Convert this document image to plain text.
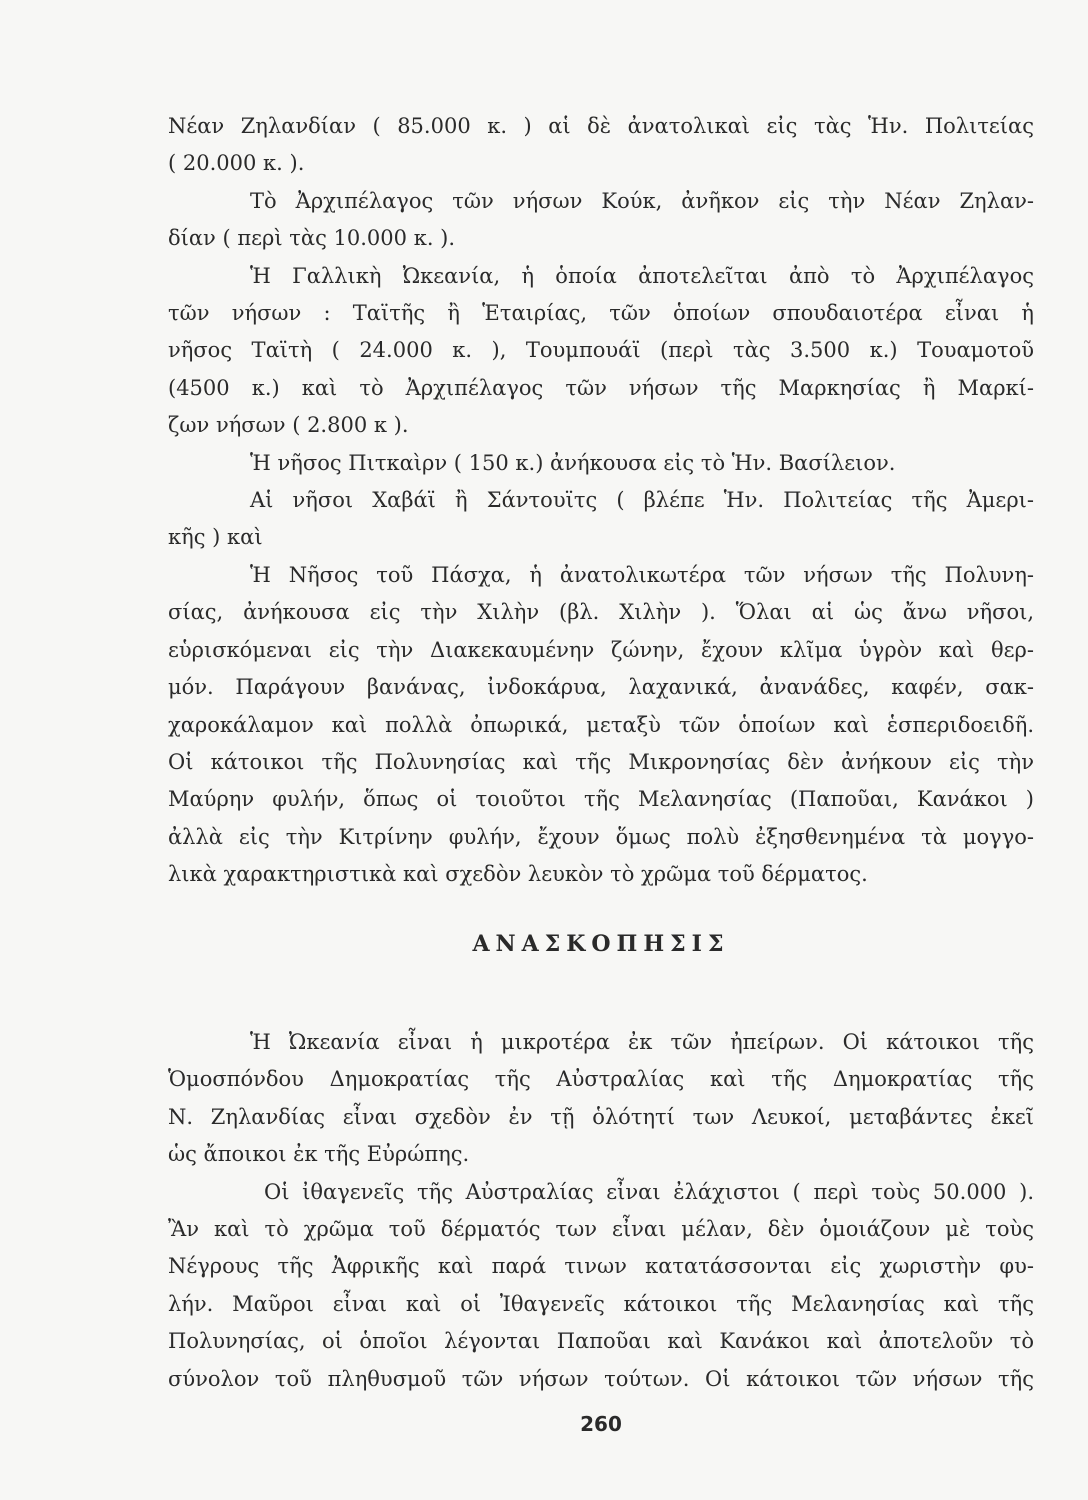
Νέαν Ζηλανδίαν ( 85.000 κ. ) αἱ δὲ ἀνατολικαὶ εἰς τὰς Ἡν. Πολιτείας
( 20.000 κ. ).
Τὸ Ἀρχιπέλαγος τῶν νήσων Κούκ, ἀνῆκον εἰς τὴν Νέαν Ζηλαν-
δίαν ( περὶ τὰς 10.000 κ. ).
Ἡ Γαλλικὴ Ὠκεανία, ἡ ὁποία ἀποτελεῖται ἀπὸ τὸ Ἀρχιπέλαγος
τῶν νήσων : Ταϊτῆς ἢ Ἑταιρίας, τῶν ὁποίων σπουδαιοτέρα εἶναι ἡ
νῆσος Ταϊτὴ ( 24.000 κ. ), Τουμπουάϊ (περὶ τὰς 3.500 κ.) Τουαμοτοῦ
(4500 κ.) καὶ τὸ Ἀρχιπέλαγος τῶν νήσων τῆς Μαρκησίας ἢ Μαρκί-
ζων νήσων ( 2.800 κ ).
Ἡ νῆσος Πιτκαὶρν ( 150 κ.) ἀνήκουσα εἰς τὸ Ἡν. Βασίλειον.
Αἱ νῆσοι Χαβάϊ ἢ Σάντουϊτς ( βλέπε Ἡν. Πολιτείας τῆς Ἀμερι-
κῆς ) καὶ
Ἡ Νῆσος τοῦ Πάσχα, ἡ ἀνατολικωτέρα τῶν νήσων τῆς Πολυνη-
σίας, ἀνήκουσα εἰς τὴν Χιλὴν (βλ. Χιλὴν ). Ὅλαι αἱ ὡς ἄνω νῆσοι,
εὑρισκόμεναι εἰς τὴν Διακεκαυμένην ζώνην, ἔχουν κλῖμα ὑγρὸν καὶ θερ-
μόν. Παράγουν βανάνας, ἰνδοκάρυα, λαχανικά, ἀνανάδες, καφέν, σακ-
χαροκάλαμον καὶ πολλὰ ὀπωρικά, μεταξὺ τῶν ὁποίων καὶ ἑσπεριδοειδῆ.
Οἱ κάτοικοι τῆς Πολυνησίας καὶ τῆς Μικρονησίας δὲν ἀνήκουν εἰς τὴν
Μαύρην φυλήν, ὅπως οἱ τοιοῦτοι τῆς Μελανησίας (Παποῦαι, Κανάκοι )
ἀλλὰ εἰς τὴν Κιτρίνην φυλήν, ἔχουν ὅμως πολὺ ἐξησθενημένα τὰ μογγο-
λικὰ χαρακτηριστικὰ καὶ σχεδὸν λευκὸν τὸ χρῶμα τοῦ δέρματος.
ΑΝΑΣΚΟΠΗΣΙΣ
Ἡ Ὠκεανία εἶναι ἡ μικροτέρα ἐκ τῶν ἠπείρων. Οἱ κάτοικοι τῆς
Ὁμοσπόνδου Δημοκρατίας τῆς Αὐστραλίας καὶ τῆς Δημοκρατίας τῆς
Ν. Ζηλανδίας εἶναι σχεδὸν ἐν τῇ ὁλότητί των Λευκοί, μεταβάντες ἐκεῖ
ὡς ἄποικοι ἐκ τῆς Εὐρώπης.
Οἱ ἰθαγενεῖς τῆς Αὐστραλίας εἶναι ἐλάχιστοι ( περὶ τοὺς 50.000 ).
Ἂν καὶ τὸ χρῶμα τοῦ δέρματός των εἶναι μέλαν, δὲν ὁμοιάζουν μὲ τοὺς
Νέγρους τῆς Ἀφρικῆς καὶ παρά τινων κατατάσσονται εἰς χωριστὴν φυ-
λήν. Μαῦροι εἶναι καὶ οἱ Ἰθαγενεῖς κάτοικοι τῆς Μελανησίας καὶ τῆς
Πολυνησίας, οἱ ὁποῖοι λέγονται Παποῦαι καὶ Κανάκοι καὶ ἀποτελοῦν τὸ
σύνολον τοῦ πληθυσμοῦ τῶν νήσων τούτων. Οἱ κάτοικοι τῶν νήσων τῆς
260
